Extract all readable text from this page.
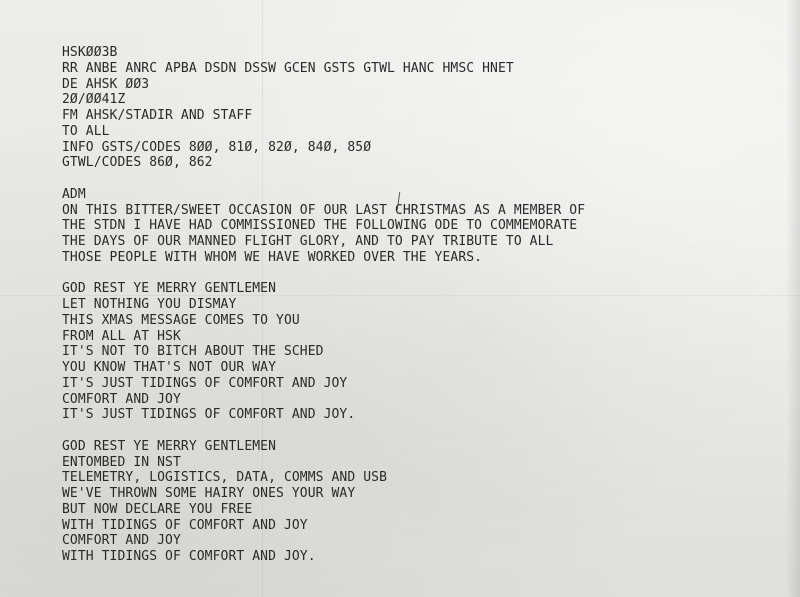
HSKØØ3B
RR ANBE ANRC APBA DSDN DSSW GCEN GSTS GTWL HANC HMSC HNET
DE AHSK ØØ3
2Ø/ØØ41Z
FM AHSK/STADIR AND STAFF
TO ALL
INFO GSTS/CODES 8ØØ, 81Ø, 82Ø, 84Ø, 85Ø
GTWL/CODES 86Ø, 862
ADM
ON THIS BITTER/SWEET OCCASION OF OUR LAST CHRISTMAS AS A MEMBER OF
THE STDN I HAVE HAD COMMISSIONED THE FOLLOWING ODE TO COMMEMORATE
THE DAYS OF OUR MANNED FLIGHT GLORY, AND TO PAY TRIBUTE TO ALL
THOSE PEOPLE WITH WHOM WE HAVE WORKED OVER THE YEARS.
GOD REST YE MERRY GENTLEMEN
LET NOTHING YOU DISMAY
THIS XMAS MESSAGE COMES TO YOU
FROM ALL AT HSK
IT'S NOT TO BITCH ABOUT THE SCHED
YOU KNOW THAT'S NOT OUR WAY
IT'S JUST TIDINGS OF COMFORT AND JOY
COMFORT AND JOY
IT'S JUST TIDINGS OF COMFORT AND JOY.
GOD REST YE MERRY GENTLEMEN
ENTOMBED IN NST
TELEMETRY, LOGISTICS, DATA, COMMS AND USB
WE'VE THROWN SOME HAIRY ONES YOUR WAY
BUT NOW DECLARE YOU FREE
WITH TIDINGS OF COMFORT AND JOY
COMFORT AND JOY
WITH TIDINGS OF COMFORT AND JOY.
